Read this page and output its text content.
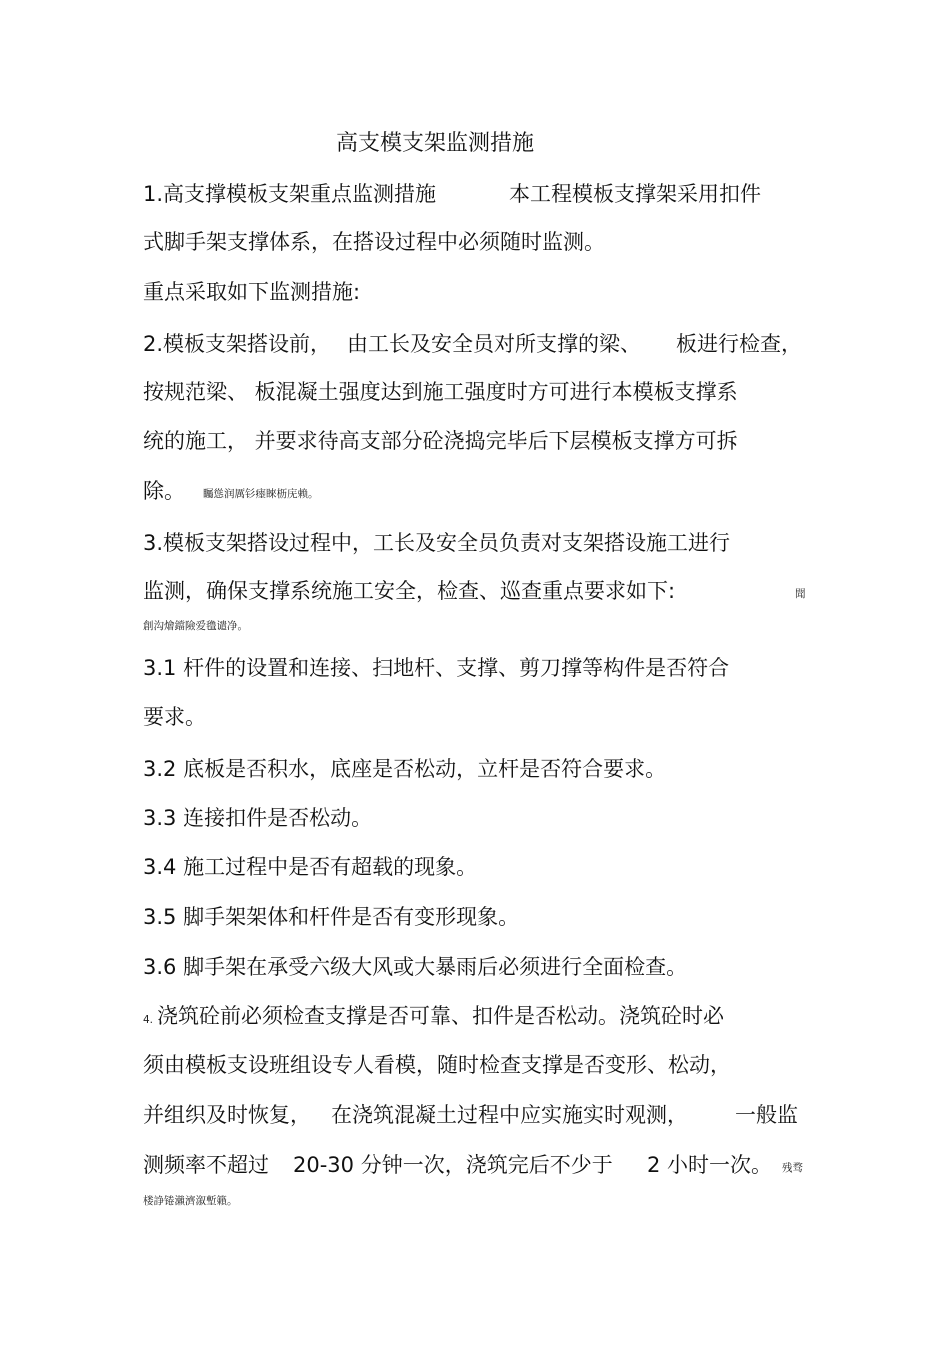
高支模支架监测措施
1.高支撑模板支架重点监测措施	本工程模板支撑架采用扣件
式脚手架支撑体系，在搭设过程中必须随时监测。
重点采取如下监测措施:
2.模板支架搭设前， 由工长及安全员对所支撑的梁、 板进行检查，
按规范梁、 板混凝土强度达到施工强度时方可进行本模板支撑系
统的施工， 并要求待高支部分砼浇捣完毕后下层模板支撑方可拆
除。 矚慫润厲钐瘗睞枥庑赖。
3.模板支架搭设过程中，工长及安全员负责对支架搭设施工进行
监测，确保支撑系统施工安全，检查、巡查重点要求如下:	聞
創沟燴鐺險爱氇谴净。
3.1 杆件的设置和连接、扫地杆、支撑、剪刀撑等构件是否符合
要求。
3.2 底板是否积水，底座是否松动，立杆是否符合要求。
3.3 连接扣件是否松动。
3.4 施工过程中是否有超载的现象。
3.5 脚手架架体和杆件是否有变形现象。
3.6 脚手架在承受六级大风或大暴雨后必须进行全面检查。
4. 浇筑砼前必须检查支撑是否可靠、扣件是否松动。浇筑砼时必
须由模板支设班组设专人看模，随时检查支撑是否变形、松动，
并组织及时恢复， 在浇筑混凝土过程中应实施实时观测， 一般监
测频率不超过 20-30 分钟一次，浇筑完后不少于 2 小时一次。 残骛
楼諍锩瀨濟溆塹籟。
